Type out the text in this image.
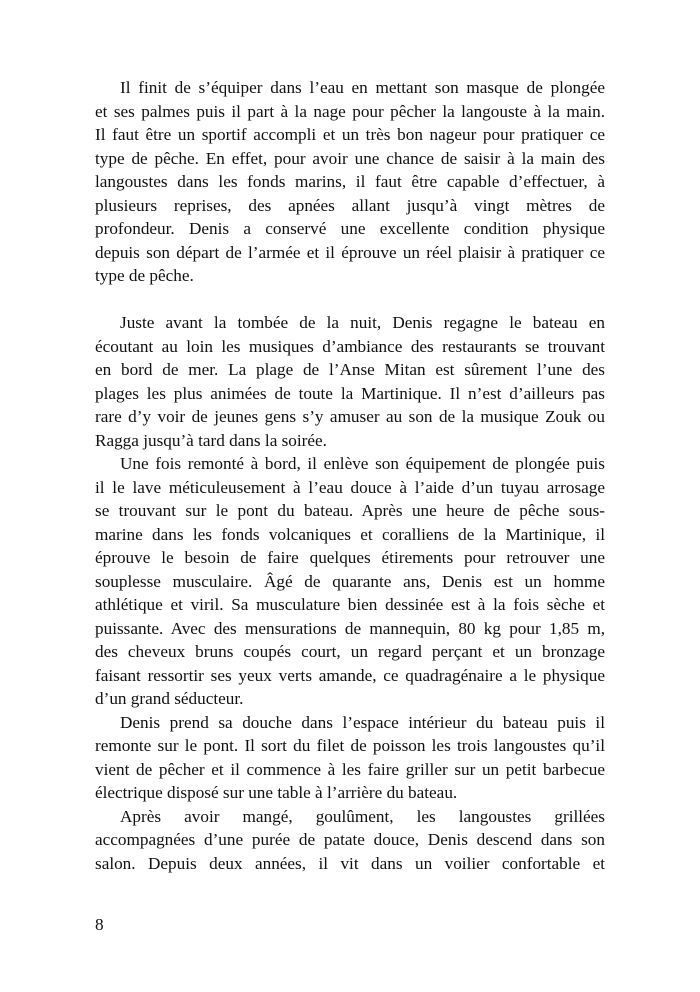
Il finit de s’équiper dans l’eau en mettant son masque de plongée
et ses palmes puis il part à la nage pour pêcher la langouste à la main.
Il faut être un sportif accompli et un très bon nageur pour pratiquer ce
type de pêche. En effet, pour avoir une chance de saisir à la main des
langoustes dans les fonds marins, il faut être capable d’effectuer, à
plusieurs reprises, des apnées allant jusqu’à vingt mètres de
profondeur. Denis a conservé une excellente condition physique
depuis son départ de l’armée et il éprouve un réel plaisir à pratiquer ce
type de pêche.
Juste avant la tombée de la nuit, Denis regagne le bateau en
écoutant au loin les musiques d’ambiance des restaurants se trouvant
en bord de mer. La plage de l’Anse Mitan est sûrement l’une des
plages les plus animées de toute la Martinique. Il n’est d’ailleurs pas
rare d’y voir de jeunes gens s’y amuser au son de la musique Zouk ou
Ragga jusqu’à tard dans la soirée.
Une fois remonté à bord, il enlève son équipement de plongée puis
il le lave méticuleusement à l’eau douce à l’aide d’un tuyau arrosage
se trouvant sur le pont du bateau. Après une heure de pêche sous-
marine dans les fonds volcaniques et coralliens de la Martinique, il
éprouve le besoin de faire quelques étirements pour retrouver une
souplesse musculaire. Âgé de quarante ans, Denis est un homme
athlétique et viril. Sa musculature bien dessinée est à la fois sèche et
puissante. Avec des mensurations de mannequin, 80 kg pour 1,85 m,
des cheveux bruns coupés court, un regard perçant et un bronzage
faisant ressortir ses yeux verts amande, ce quadragénaire a le physique
d’un grand séducteur.
Denis prend sa douche dans l’espace intérieur du bateau puis il
remonte sur le pont. Il sort du filet de poisson les trois langoustes qu’il
vient de pêcher et il commence à les faire griller sur un petit barbecue
électrique disposé sur une table à l’arrière du bateau.
Après avoir mangé, goulûment, les langoustes grillées
accompagnées d’une purée de patate douce, Denis descend dans son
salon. Depuis deux années, il vit dans un voilier confortable et
8
